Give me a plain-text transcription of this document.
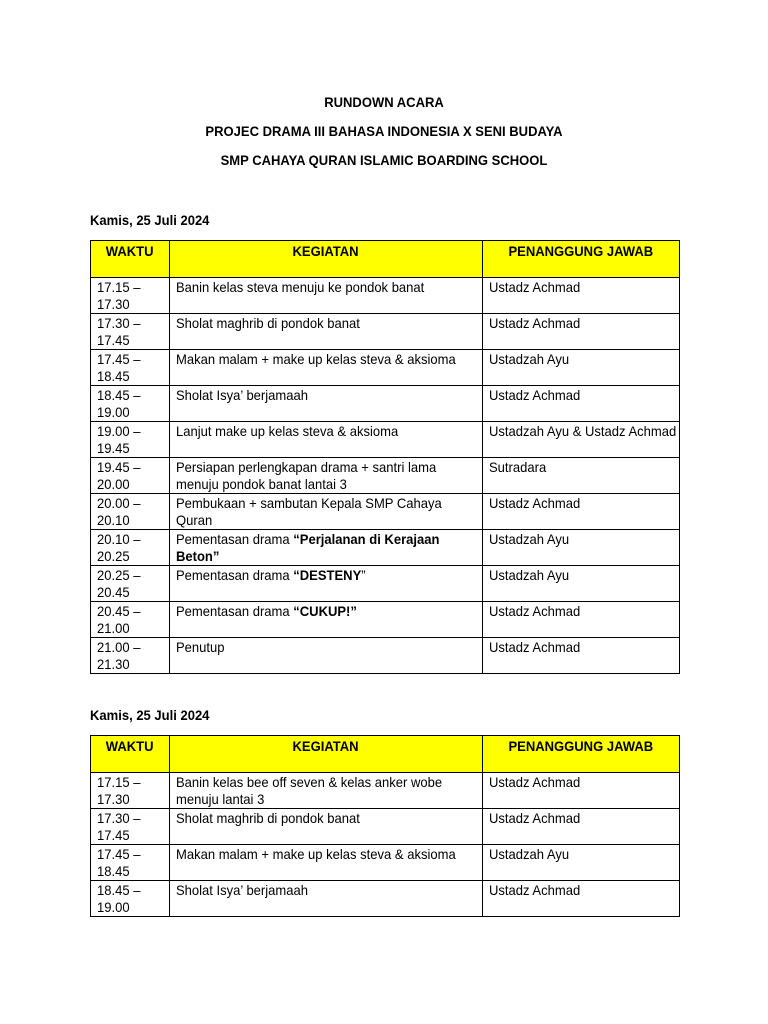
RUNDOWN ACARA
PROJEC DRAMA III BAHASA INDONESIA X SENI BUDAYA
SMP CAHAYA QURAN ISLAMIC BOARDING SCHOOL
Kamis, 25 Juli 2024
WAKTU	KEGIATAN	PENANGGUNG JAWAB

17.15 – 17.30	Banin kelas steva menuju ke pondok banat	Ustadz Achmad

17.30 – 17.45	Sholat maghrib di pondok banat	Ustadz Achmad

17.45 – 18.45	Makan malam + make up kelas steva & aksioma	Ustadzah Ayu

18.45 – 19.00	Sholat Isya’ berjamaah	Ustadz Achmad

19.00 – 19.45	Lanjut make up kelas steva & aksioma	Ustadzah Ayu & Ustadz Achmad

19.45 – 20.00	Persiapan perlengkapan drama + santri lama menuju pondok banat lantai 3	Sutradara

20.00 – 20.10	Pembukaan + sambutan Kepala SMP Cahaya Quran	Ustadz Achmad

20.10 – 20.25	Pementasan drama “Perjalanan di Kerajaan Beton”	Ustadzah Ayu

20.25 – 20.45	Pementasan drama “DESTENY”	Ustadzah Ayu

20.45 – 21.00	Pementasan drama “CUKUP!”	Ustadz Achmad

21.00 – 21.30	Penutup	Ustadz Achmad
Kamis, 25 Juli 2024
WAKTU	KEGIATAN	PENANGGUNG JAWAB

17.15 – 17.30	Banin kelas bee off seven & kelas anker wobe menuju lantai 3	Ustadz Achmad

17.30 – 17.45	Sholat maghrib di pondok banat	Ustadz Achmad

17.45 – 18.45	Makan malam + make up kelas steva & aksioma	Ustadzah Ayu

18.45 – 19.00	Sholat Isya’ berjamaah	Ustadz Achmad
